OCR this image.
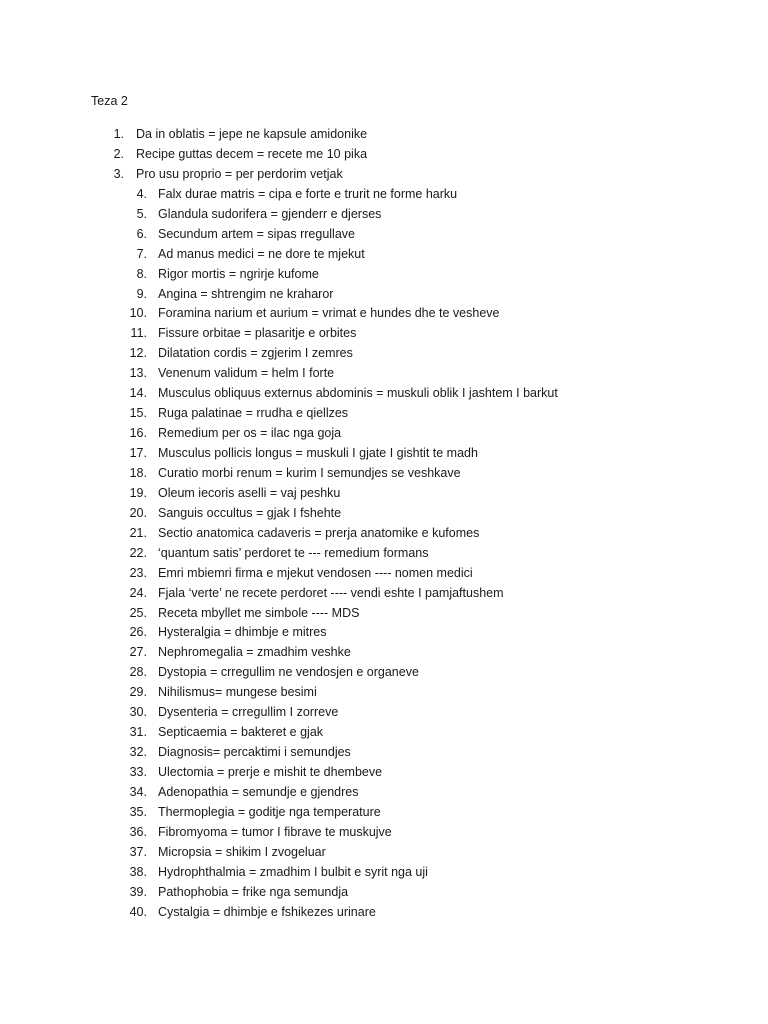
Teza 2
1. Da in oblatis = jepe ne kapsule amidonike
2. Recipe guttas decem = recete me 10 pika
3. Pro usu proprio = per perdorim vetjak
4. Falx durae matris = cipa e forte e trurit ne forme harku
5. Glandula sudorifera = gjenderr e djerses
6. Secundum artem = sipas rregullave
7. Ad manus medici = ne dore te mjekut
8. Rigor mortis = ngrirje kufome
9. Angina = shtrengim ne kraharor
10. Foramina narium et aurium = vrimat e hundes dhe te vesheve
11. Fissure orbitae = plasaritje e orbites
12. Dilatation cordis = zgjerim I zemres
13. Venenum validum = helm I forte
14. Musculus obliquus externus abdominis = muskuli oblik I jashtem I barkut
15. Ruga palatinae = rrudha e qiellzes
16. Remedium per os = ilac nga goja
17. Musculus pollicis longus = muskuli I gjate I gishtit te madh
18. Curatio morbi renum = kurim I semundjes se veshkave
19. Oleum iecoris aselli = vaj peshku
20. Sanguis occultus = gjak I fshehte
21. Sectio anatomica cadaveris = prerja anatomike e kufomes
22. ‘quantum satis’ perdoret te --- remedium formans
23. Emri mbiemri firma e mjekut vendosen ---- nomen medici
24. Fjala ‘verte’ ne recete perdoret ---- vendi eshte I pamjaftushem
25. Receta mbyllet me simbole ---- MDS
26. Hysteralgia = dhimbje e mitres
27. Nephromegalia = zmadhim veshke
28. Dystopia = crregullim ne vendosjen e organeve
29. Nihilismus= mungese besimi
30. Dysenteria = crregullim I zorreve
31. Septicaemia = bakteret e gjak
32. Diagnosis= percaktimi i semundjes
33. Ulectomia = prerje e mishit te dhembeve
34. Adenopathia = semundje e gjendres
35. Thermoplegia = goditje nga temperature
36. Fibromyoma = tumor I fibrave te muskujve
37. Micropsia = shikim I zvogeluar
38. Hydrophthalmia = zmadhim I bulbit e syrit nga uji
39. Pathophobia = frike nga semundja
40. Cystalgia = dhimbje e fshikezes urinare
